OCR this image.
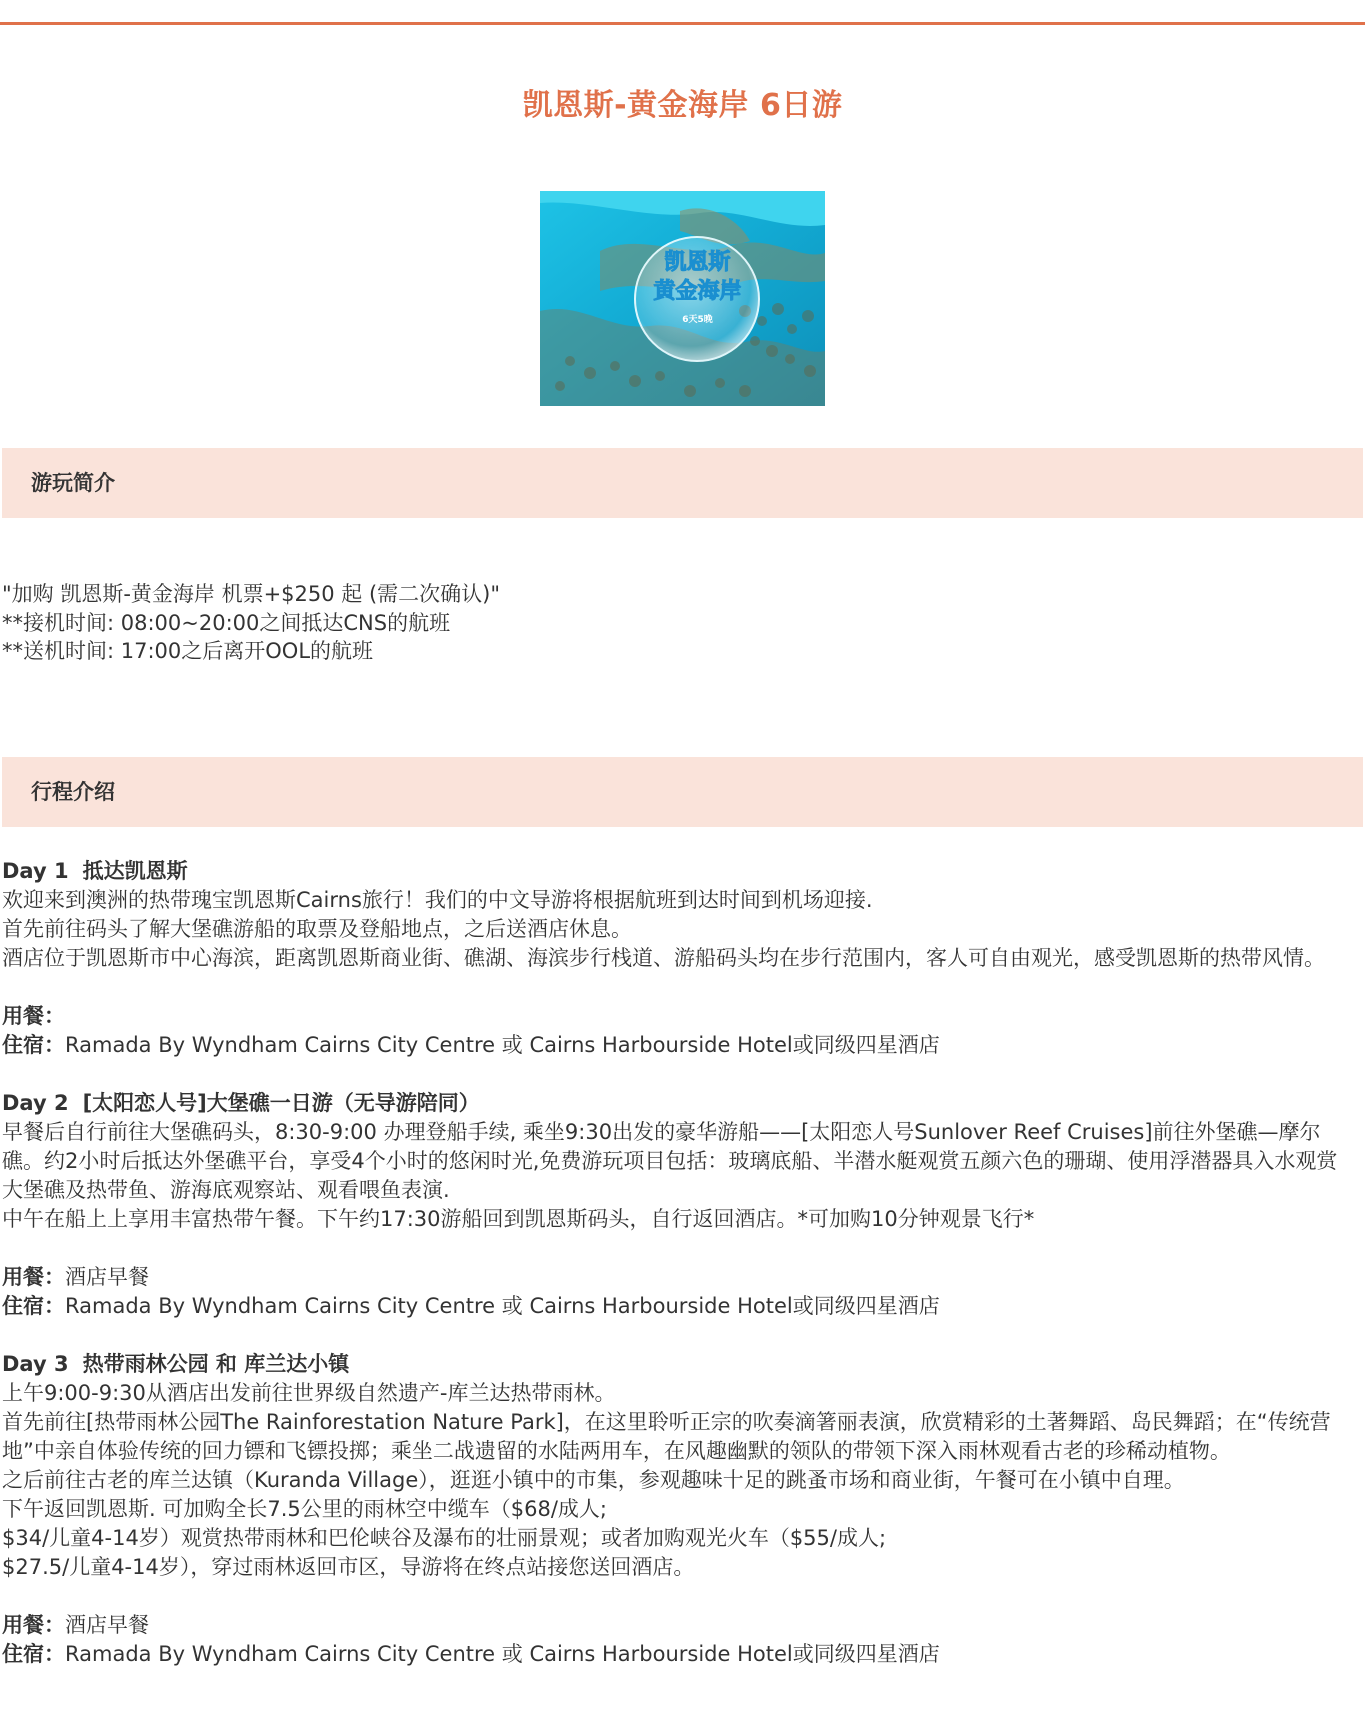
凯恩斯-黄金海岸 6日游
凯恩斯
黄金海岸
6天5晚
游玩简介

"加购 凯恩斯-黄金海岸 机票+$250 起 (需二次确认)"

**接机时间: 08:00~20:00之间抵达CNS的航班

**送机时间: 17:00之后离开OOL的航班

行程介绍
Day 1 抵达凯恩斯

欢迎来到澳洲的热带瑰宝凯恩斯Cairns旅行！我们的中文导游将根据航班到达时间到机场迎接.

首先前往码头了解大堡礁游船的取票及登船地点，之后送酒店休息。

酒店位于凯恩斯市中心海滨，距离凯恩斯商业街、礁湖、海滨步行栈道、游船码头均在步行范围内，客人可自由观光，感受凯恩斯的热带风情。

用餐：
住宿：Ramada By Wyndham Cairns City Centre 或 Cairns Harbourside Hotel或同级四星酒店
Day 2 [太阳恋人号]大堡礁一日游（无导游陪同）

早餐后自行前往大堡礁码头，8:30-9:00 办理登船手续, 乘坐9:30出发的豪华游船——[太阳恋人号Sunlover Reef Cruises]前往外堡礁—摩尔礁。约2小时后抵达外堡礁平台，享受4个小时的悠闲时光,免费游玩项目包括：玻璃底船、半潜水艇观赏五颜六色的珊瑚、使用浮潜器具入水观赏大堡礁及热带鱼、游海底观察站、观看喂鱼表演.

中午在船上上享用丰富热带午餐。下午约17:30游船回到凯恩斯码头，自行返回酒店。*可加购10分钟观景飞行*

用餐：酒店早餐
住宿：Ramada By Wyndham Cairns City Centre 或 Cairns Harbourside Hotel或同级四星酒店
Day 3 热带雨林公园 和 库兰达小镇

上午9:00-9:30从酒店出发前往世界级自然遗产-库兰达热带雨林。

首先前往[热带雨林公园The Rainforestation Nature Park]，在这里聆听正宗的吹奏滴箸丽表演，欣赏精彩的土著舞蹈、岛民舞蹈；在“传统营地”中亲自体验传统的回力镖和飞镖投掷；乘坐二战遗留的水陆两用车，在风趣幽默的领队的带领下深入雨林观看古老的珍稀动植物。

之后前往古老的库兰达镇（Kuranda Village），逛逛小镇中的市集，参观趣味十足的跳蚤市场和商业街，午餐可在小镇中自理。

下午返回凯恩斯. 可加购全长7.5公里的雨林空中缆车（$68/成人;

$34/儿童4-14岁）观赏热带雨林和巴伦峡谷及瀑布的壮丽景观；或者加购观光火车（$55/成人;

$27.5/儿童4-14岁），穿过雨林返回市区，导游将在终点站接您送回酒店。

用餐：酒店早餐
住宿：Ramada By Wyndham Cairns City Centre 或 Cairns Harbourside Hotel或同级四星酒店
